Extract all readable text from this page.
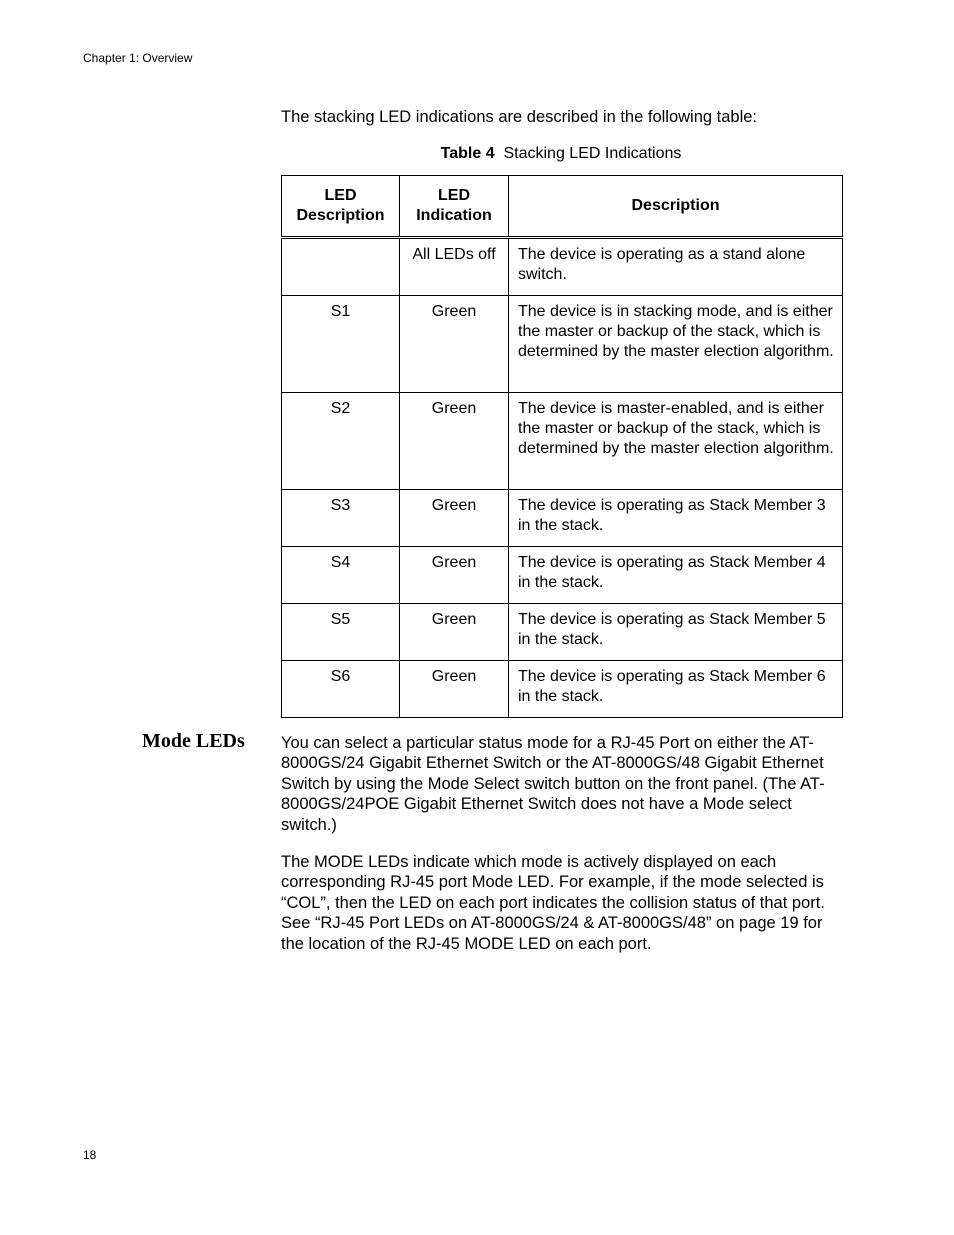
Chapter 1: Overview
The stacking LED indications are described in the following table:
Table 4 Stacking LED Indications
LED Description	LED Indication	Description
	All LEDs off	The device is operating as a stand alone switch.
S1	Green	The device is in stacking mode, and is either the master or backup of the stack, which is determined by the master election algorithm.
S2	Green	The device is master-enabled, and is either the master or backup of the stack, which is determined by the master election algorithm.
S3	Green	The device is operating as Stack Member 3 in the stack.
S4	Green	The device is operating as Stack Member 4 in the stack.
S5	Green	The device is operating as Stack Member 5 in the stack.
S6	Green	The device is operating as Stack Member 6 in the stack.
Mode LEDs You can select a particular status mode for a RJ-45 Port on either the AT-8000GS/24 Gigabit Ethernet Switch or the AT-8000GS/48 Gigabit Ethernet Switch by using the Mode Select switch button on the front panel. (The AT-8000GS/24POE Gigabit Ethernet Switch does not have a Mode select switch.)
The MODE LEDs indicate which mode is actively displayed on each corresponding RJ-45 port Mode LED. For example, if the mode selected is “COL”, then the LED on each port indicates the collision status of that port. See “RJ-45 Port LEDs on AT-8000GS/24 & AT-8000GS/48” on page 19 for the location of the RJ-45 MODE LED on each port.
18
